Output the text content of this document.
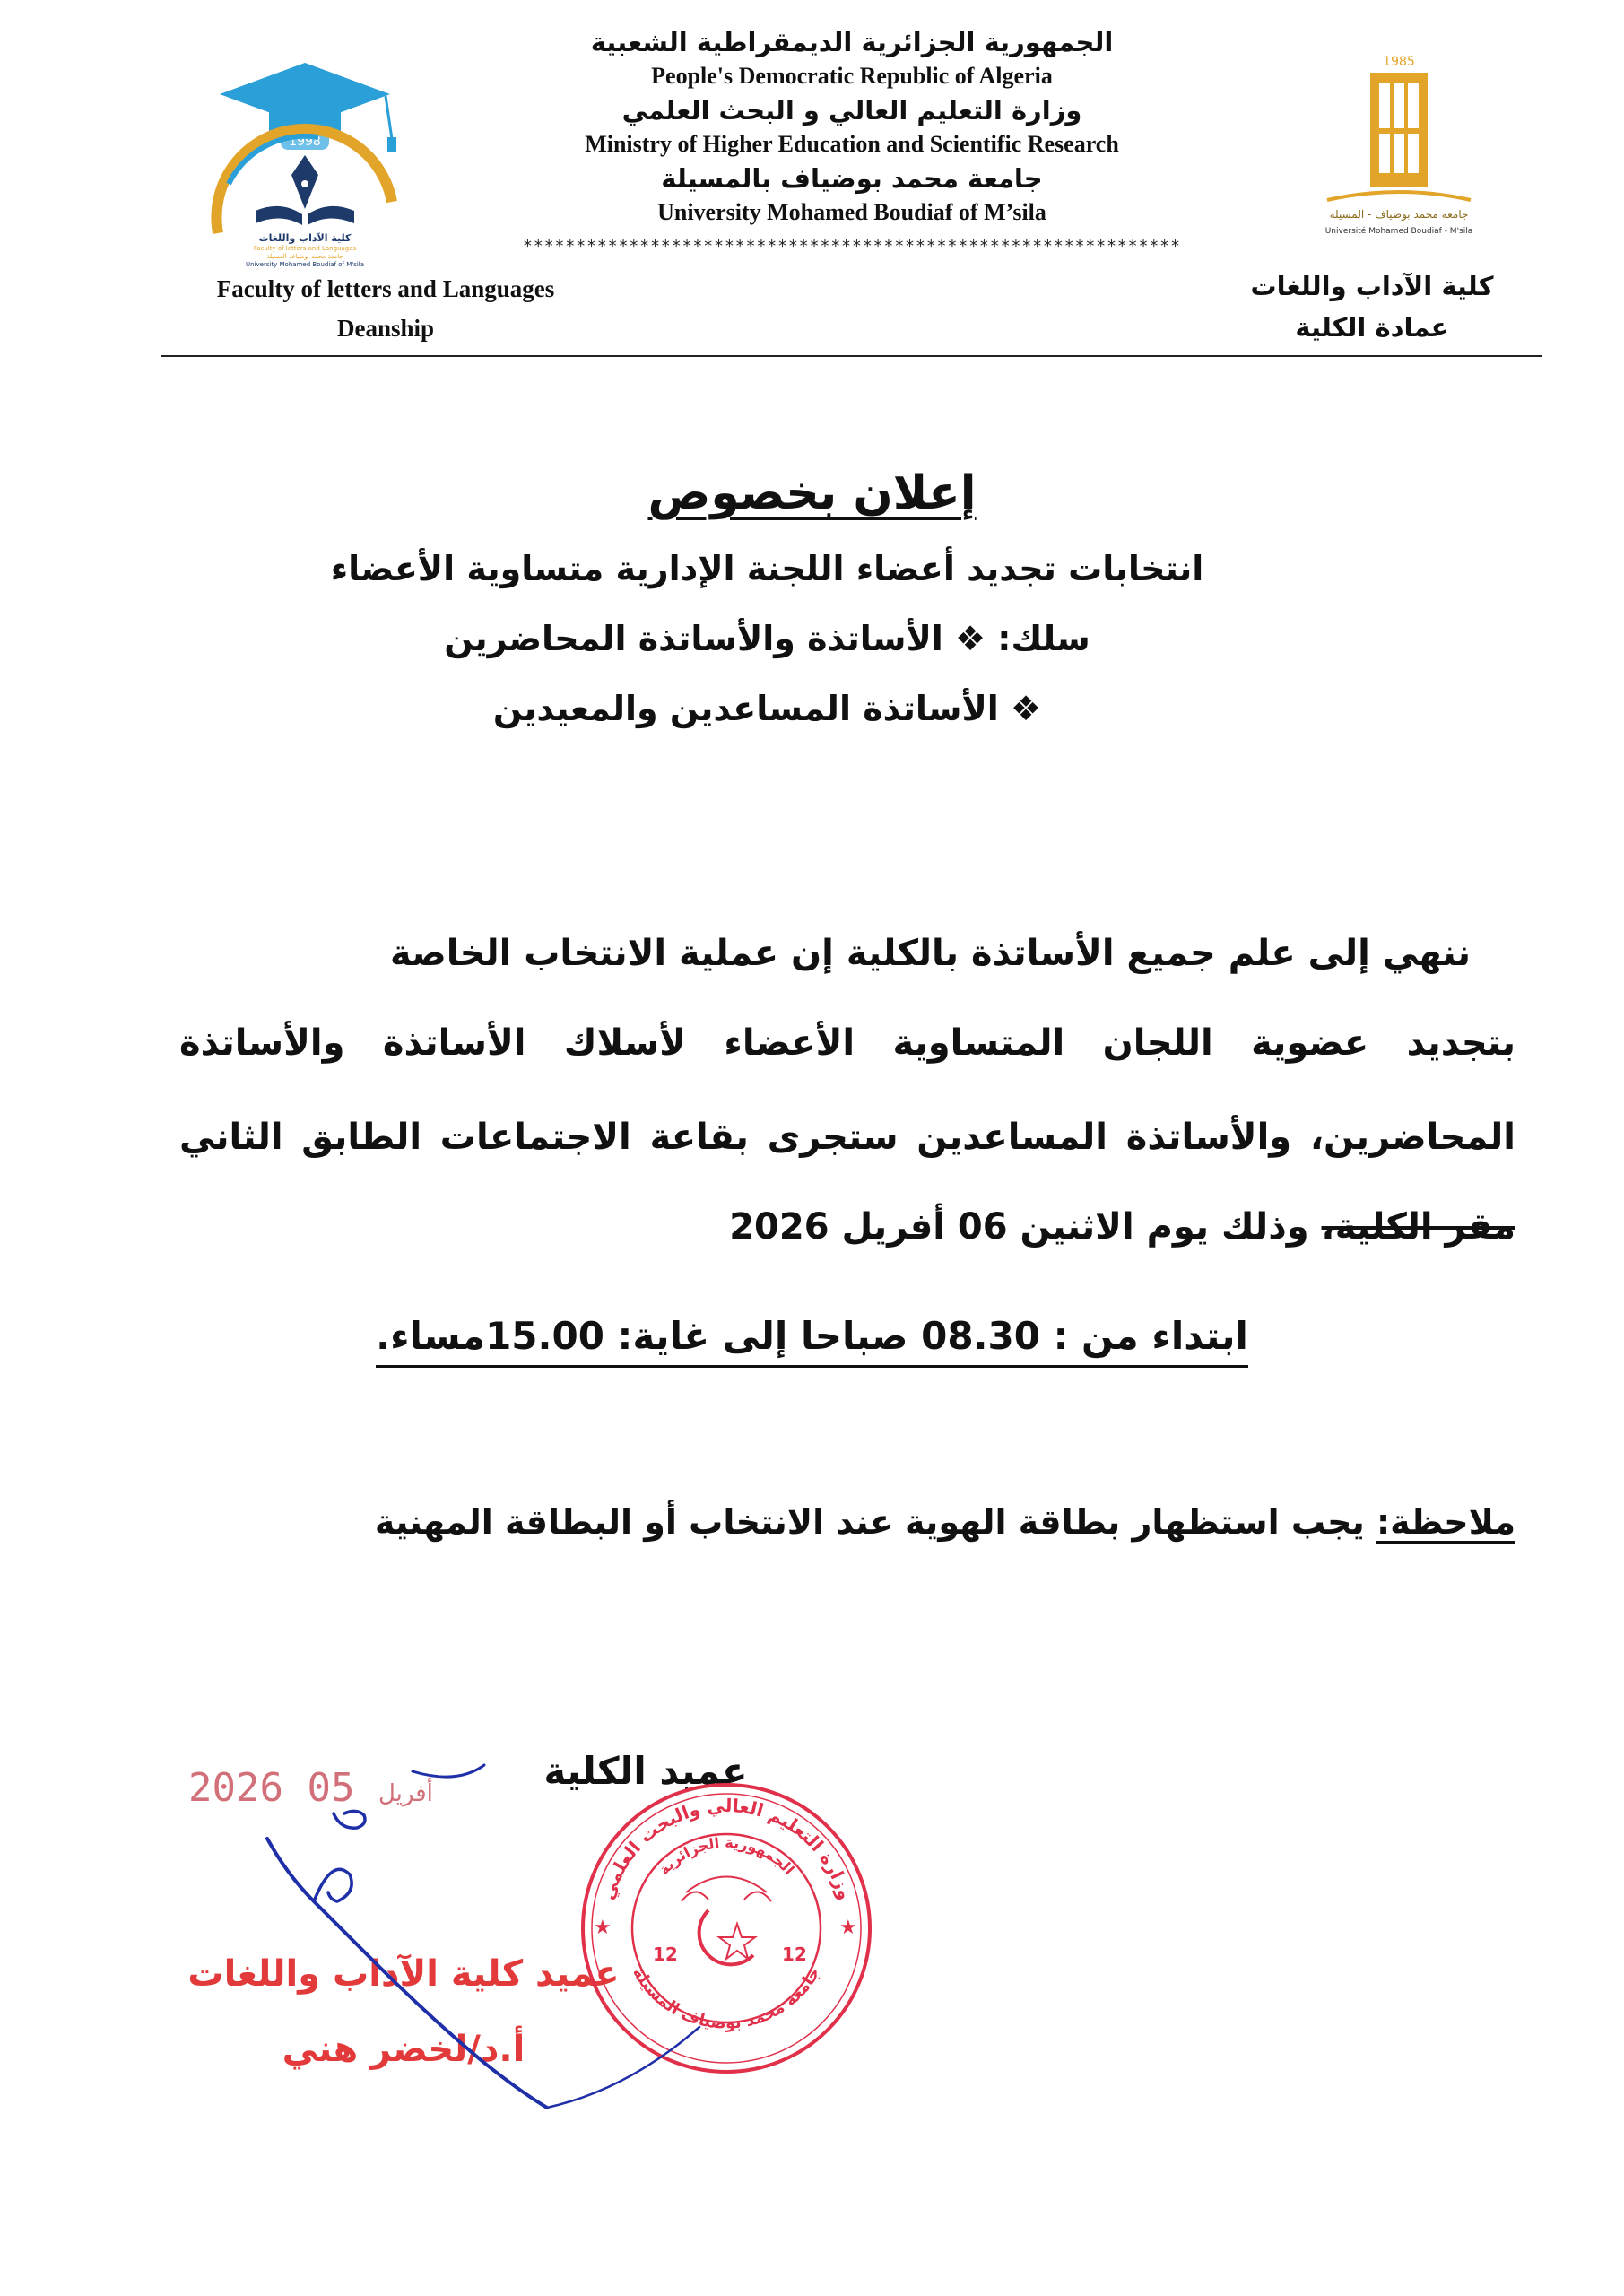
1998
كلية الآداب واللغات
Faculty of letters and Languages
جامعة محمد بوضياف المسيلة
University Mohamed Boudiaf of M'sila
1985
جامعة محمد بوضياف - المسيلة
Université Mohamed Boudiaf - M'sila
الجمهورية الجزائرية الديمقراطية الشعبية
People's Democratic Republic of Algeria
وزارة التعليم العالي و البحث العلمي
Ministry of Higher Education and Scientific Research
جامعة محمد بوضياف بالمسيلة
University Mohamed Boudiaf of M’sila
**************************************************************
Faculty of letters and Languages
Deanship
كلية الآداب واللغات
عمادة الكلية
إعلان بخصوص
انتخابات تجديد أعضاء اللجنة الإدارية متساوية الأعضاء
سلك: ❖ الأساتذة والأساتذة المحاضرين
❖ الأساتذة المساعدين والمعيدين
ننهي إلى علم جميع الأساتذة بالكلية إن عملية الانتخاب الخاصة
بتجديد عضوية اللجان المتساوية الأعضاء لأسلاك الأساتذة والأساتذة
المحاضرين، والأساتذة المساعدين ستجرى بقاعة الاجتماعات الطابق الثاني
مقر الكلية، وذلك يوم الاثنين 06 أفريل 2026
ابتداء من : 08.30 صباحا إلى غاية: 15.00مساء.
ملاحظة: يجب استظهار بطاقة الهوية عند الانتخاب أو البطاقة المهنية
عميد الكلية
2026	أفريل 05
عميد كلية الآداب واللغات
أ.د/لخضر هني
وزارة التعليم العالي والبحث العلمي
الجمهورية الجزائرية
جامعة محمد بوضياف المسيلة
★	★
12	12
